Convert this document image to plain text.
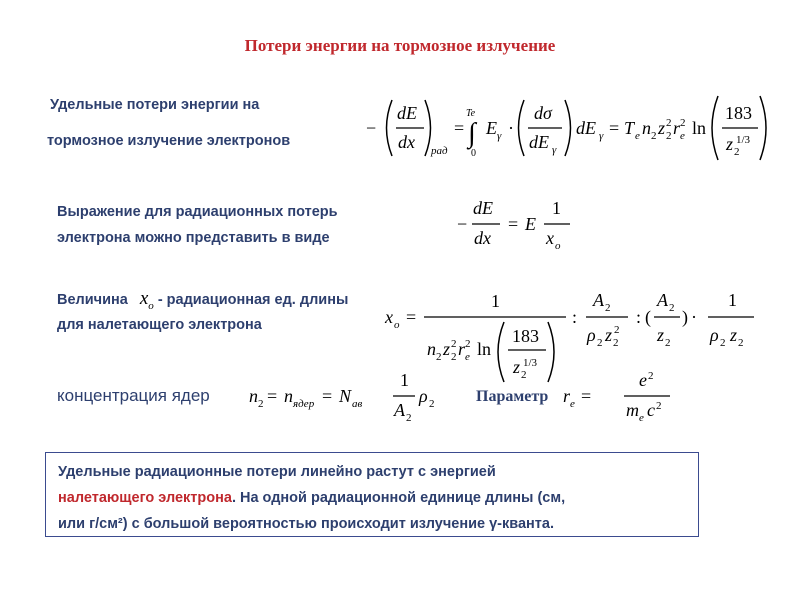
Потери энергии на тормозное излучение
Удельные потери энергии на
тормозное излучение электронов
−
dE
dx рад
=
Te
∫
0
E γ ·
dσ
dE γ
dE γ = T e n 2 z 2
2 r e
2 ln
183
z 2
1/3
Выражение для радиационных потерь
электрона можно представить в виде
−
dE
dx
= E
1
x o
Величина $x_o$ - радиационная ед. длины
для налетающего электрона	x o =
1
n 2 z 2
2 r e
2 ln
183
z 2
1/3
:
A 2
ρ 2 z 2
2
: (
A 2
z 2
) ·
1
ρ 2 z 2
концентрация ядер n 2 = n ядер = N ав
1
A 2
ρ 2	Параметр r e =
e 2
m e c 2
Удельные радиационные потери линейно растут с энергией
налетающего электрона. На одной радиационной единице длины (см,
или г/см²) с большой вероятностью происходит излучение γ-кванта.
